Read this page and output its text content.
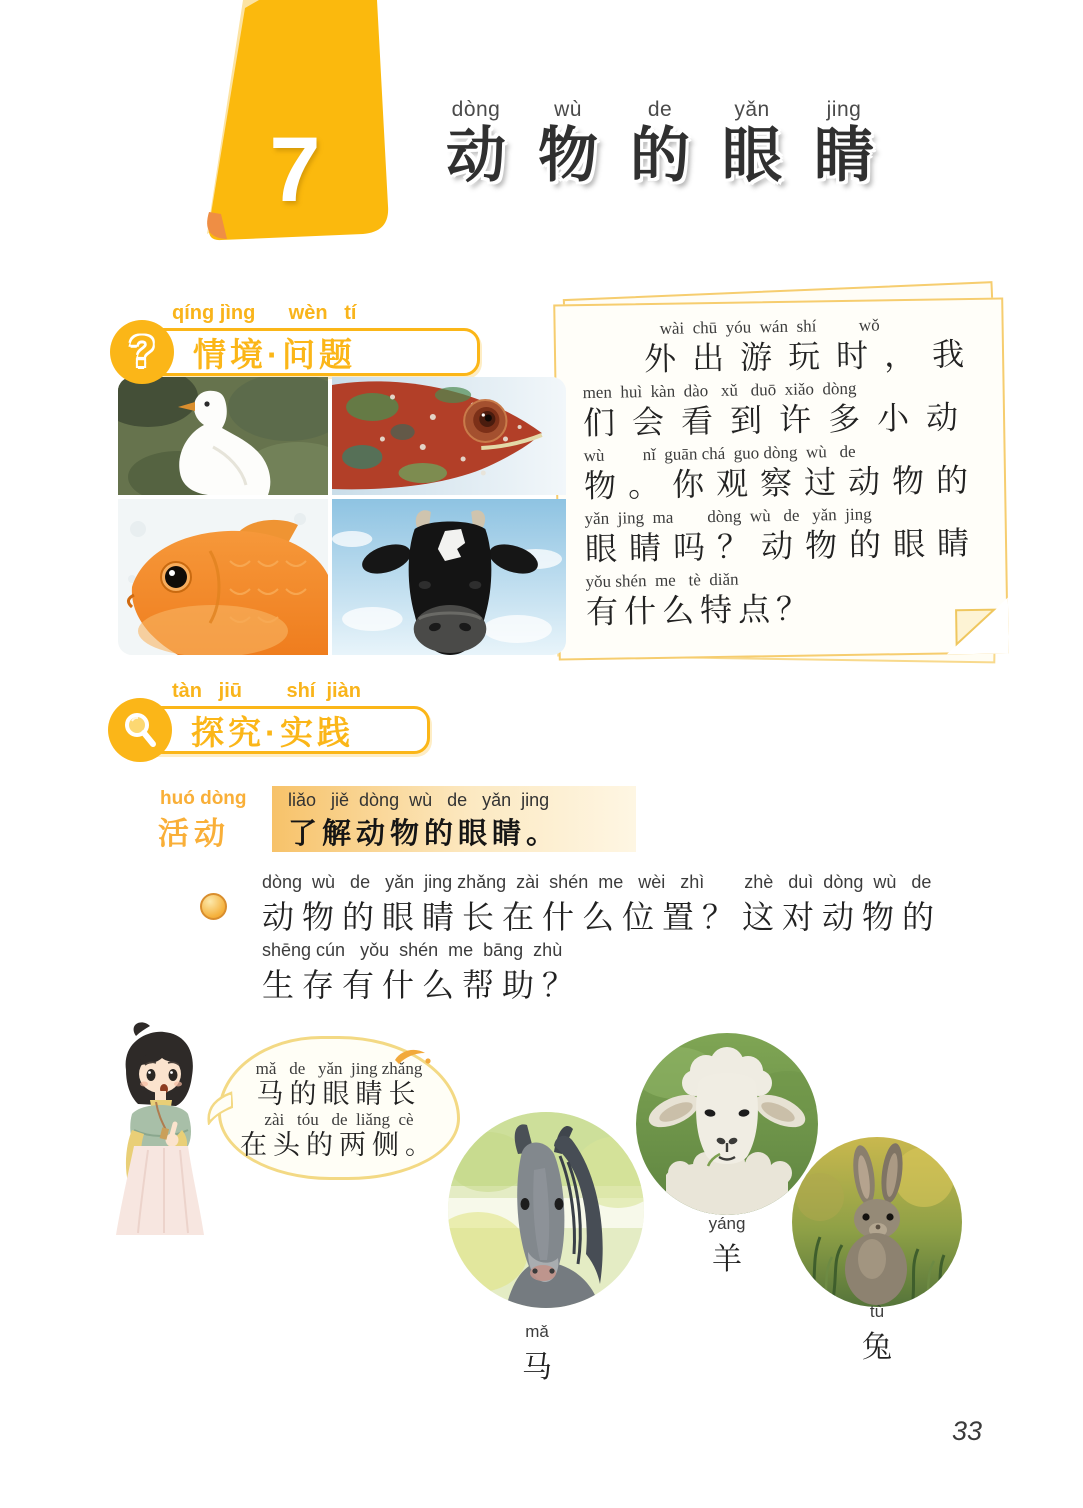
7
dòng
动
wù
物
de
的
yǎn
眼
jing
睛
qíng jìng      wèn   tí
情境·问题
?
wài  chū  yóu  wán  shí          wǒ
外出游玩时，我
men  huì  kàn  dào   xǔ   duō  xiǎo  dòng
们会看到许多小动
wù         nǐ  guān chá  guo dòng  wù   de
物。你观察过动物的
yǎn  jing  ma        dòng  wù   de   yǎn  jing
眼睛吗？动物的眼睛
yǒu shén  me   tè  diǎn
有什么特点？
tàn   jiū        shí  jiàn
探究·实践
huó dòng
活动
liǎo   jiě  dòng  wù   de   yǎn  jing
了解动物的眼睛。
dòng  wù   de   yǎn  jing zhǎng  zài  shén  me   wèi   zhì        zhè   duì  dòng  wù   de
动物的眼睛长在什么位置？这对动物的
shēng cún   yǒu  shén  me  bāng  zhù
生存有什么帮助？
mǎ   de   yǎn  jing zhǎng
马的眼睛长
zài   tóu   de  liǎng  cè
在头的两侧。
mǎ
马
yáng
羊
tù
兔
33
